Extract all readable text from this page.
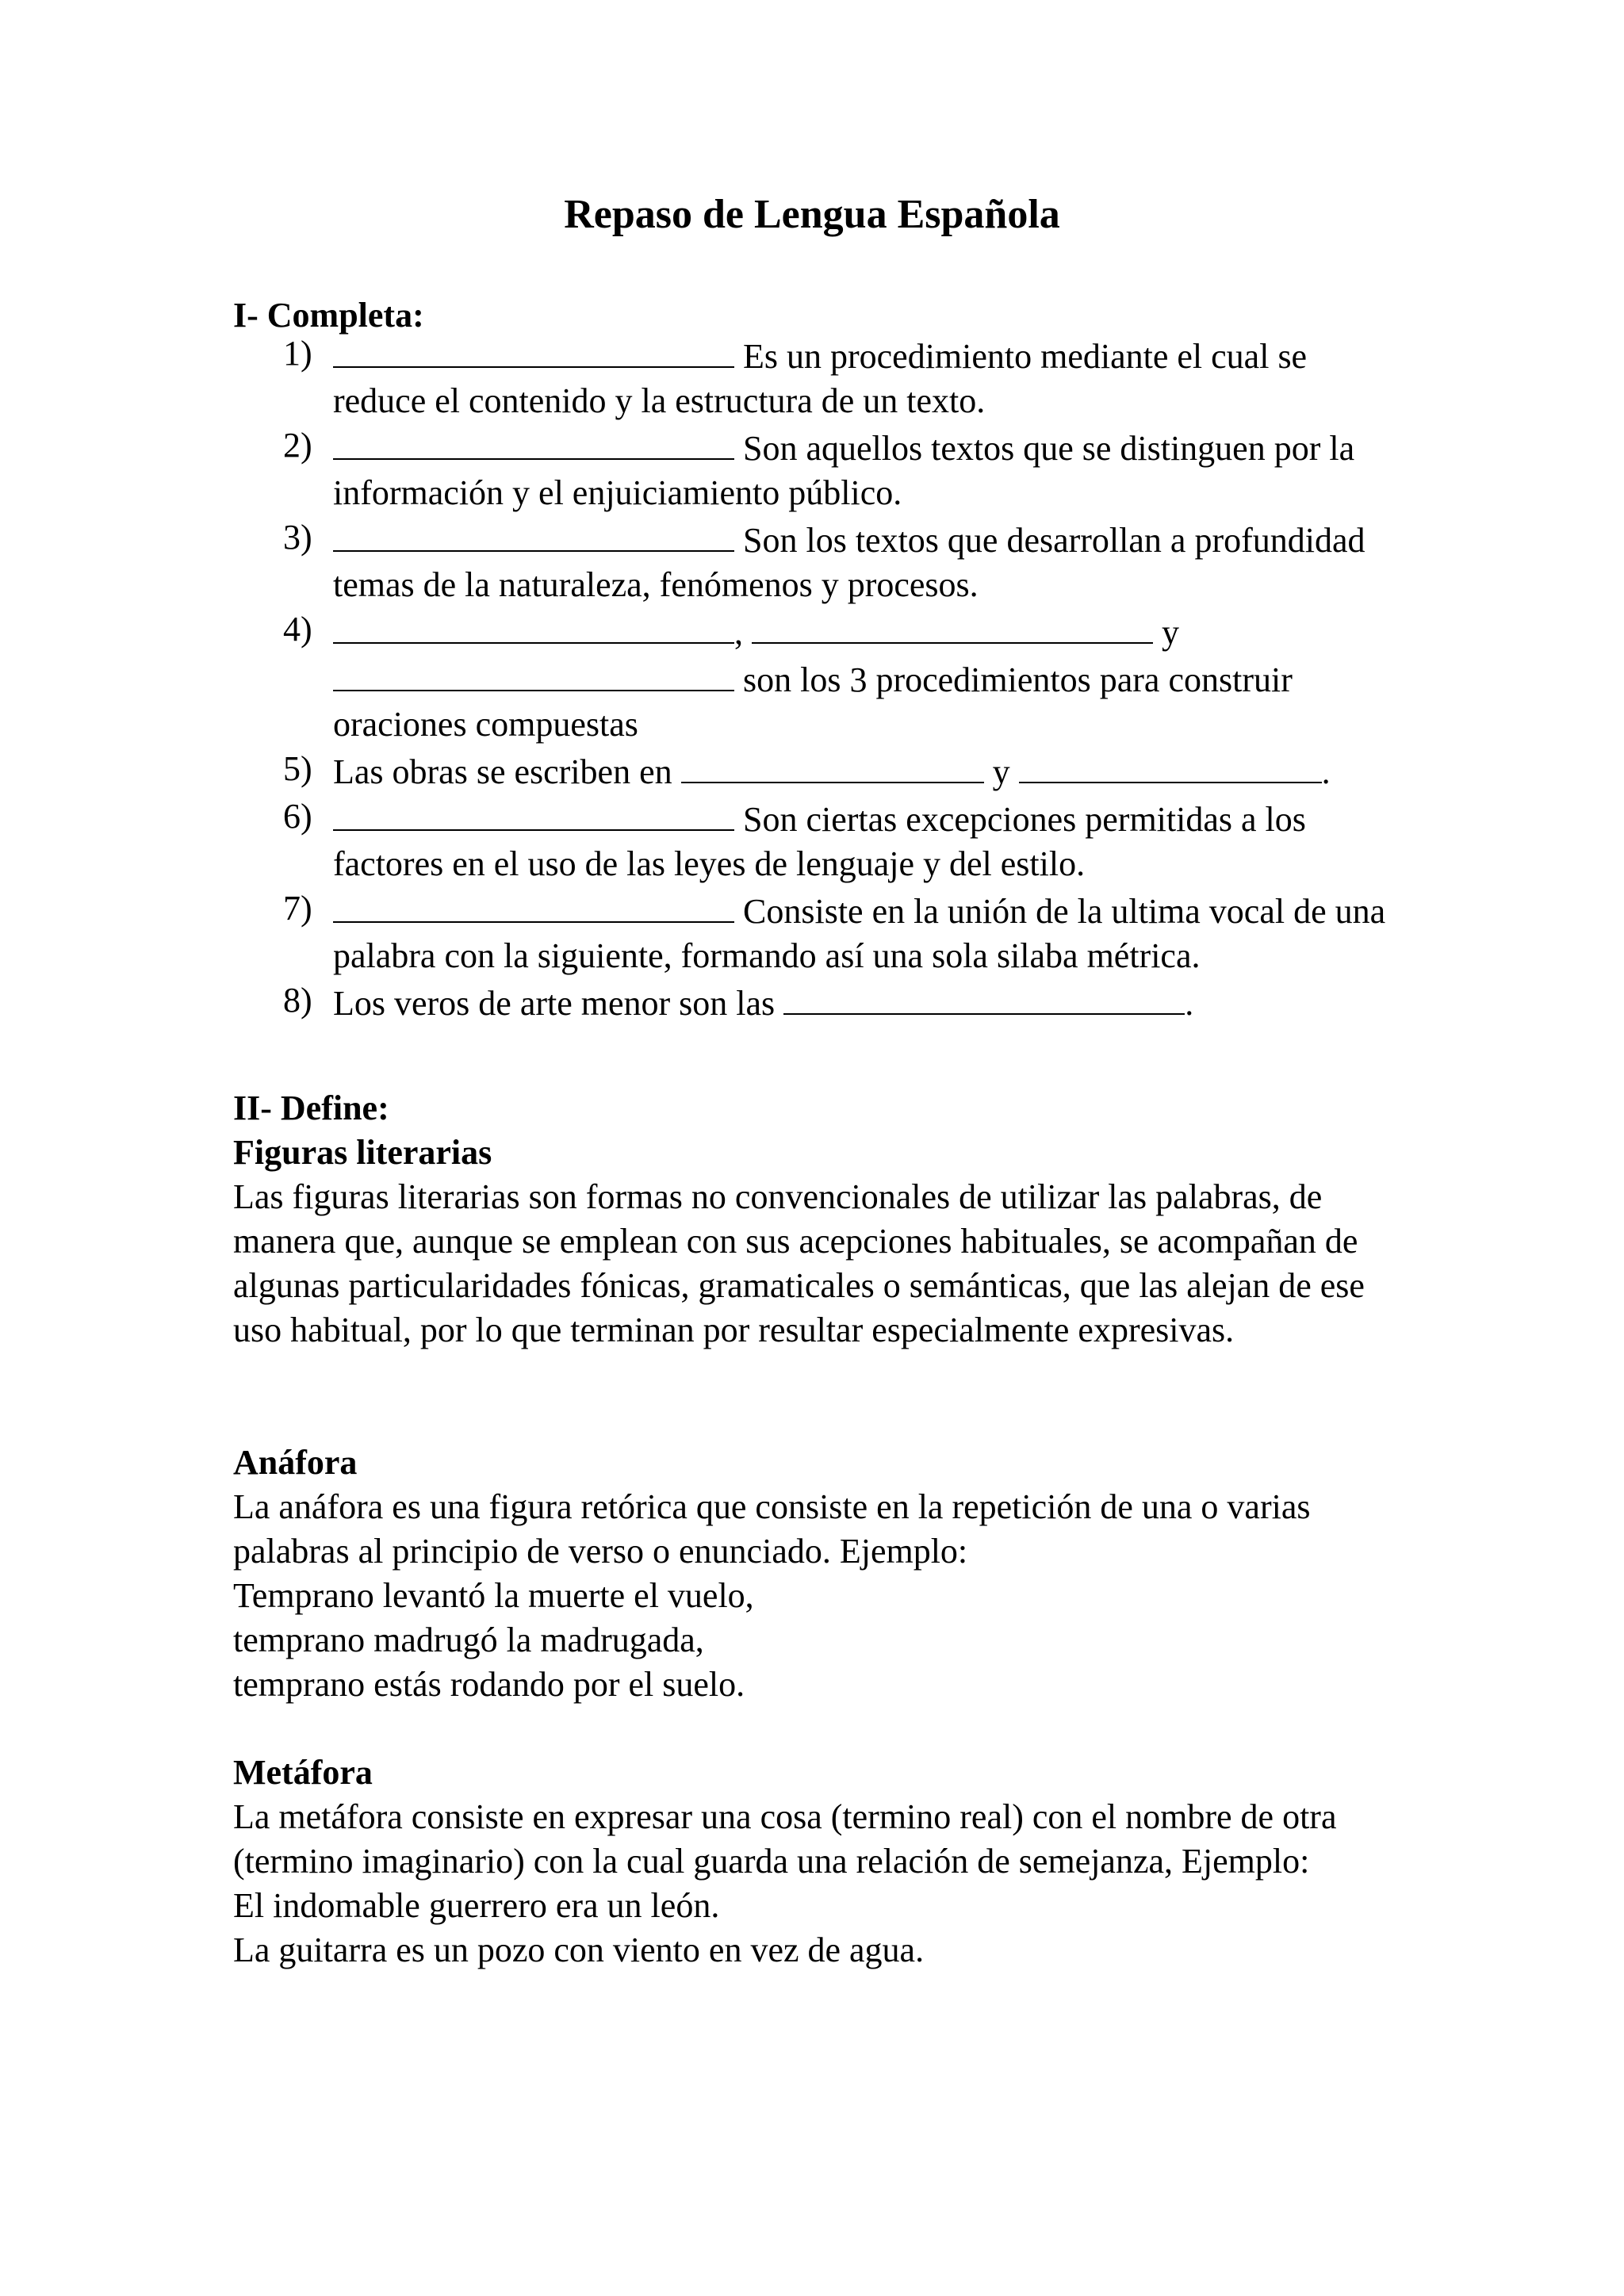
Repaso de Lengua Española
I- Completa:
1)	Es un procedimiento mediante el cual se reduce el contenido y la estructura de un texto.
2)	Son aquellos textos que se distinguen por la información y el enjuiciamiento público.
3)	Son los textos que desarrollan a profundidad temas de la naturaleza, fenómenos y procesos.
4)	,	y
son los 3 procedimientos para construir oraciones compuestas
5) Las obras se escriben en	y	.
6)	Son ciertas excepciones permitidas a los factores en el uso de las leyes de lenguaje y del estilo.
7)	Consiste en la unión de la ultima vocal de una palabra con la siguiente, formando así una sola silaba métrica.
8) Los veros de arte menor son las	.
II- Define:

Figuras literarias

Las figuras literarias son formas no convencionales de utilizar las palabras, de manera que, aunque se emplean con sus acepciones habituales, se acompañan de algunas particularidades fónicas, gramaticales o semánticas, que las alejan de ese uso habitual, por lo que terminan por resultar especialmente expresivas.

Anáfora

La anáfora es una figura retórica que consiste en la repetición de una o varias palabras al principio de verso o enunciado. Ejemplo:

Temprano levantó la muerte el vuelo,

temprano madrugó la madrugada,

temprano estás rodando por el suelo.

Metáfora

La metáfora consiste en expresar una cosa (termino real) con el nombre de otra (termino imaginario) con la cual guarda una relación de semejanza, Ejemplo:

El indomable guerrero era un león.

La guitarra es un pozo con viento en vez de agua.
